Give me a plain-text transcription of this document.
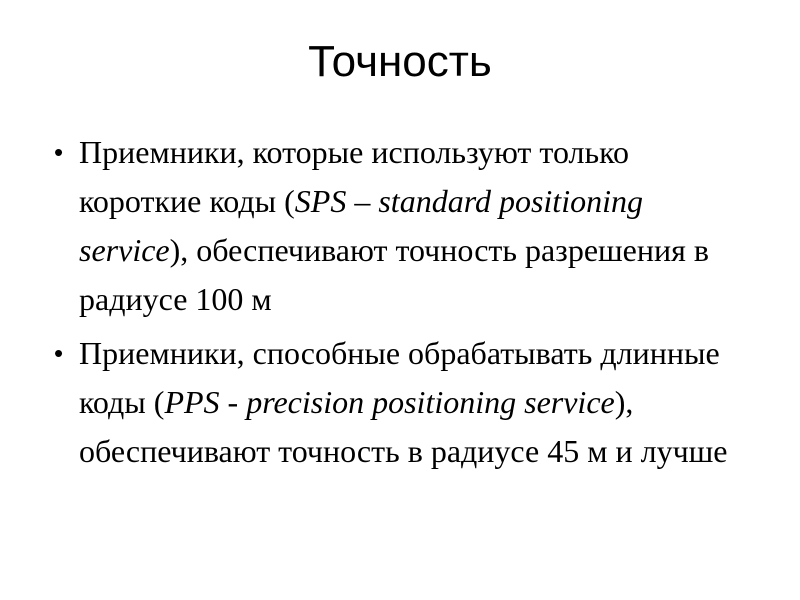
Точность
• Приемники, которые используют только короткие коды (SPS – standard positioning service), обеспечивают точность разрешения в радиусе 100 м
• Приемники, способные обрабатывать длинные коды (PPS - precision positioning service), обеспечивают точность в радиусе 45 м и лучше
